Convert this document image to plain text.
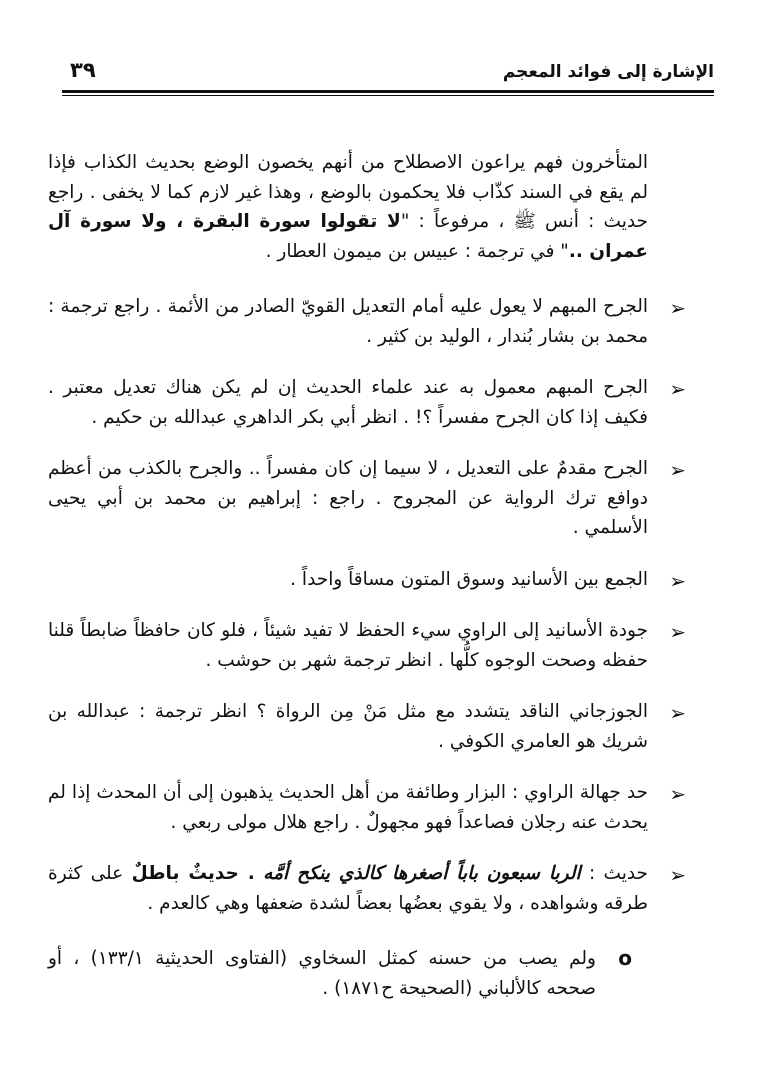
الإشارة إلى فوائد المعجم
٣٩

المتأخرون فهم يراعون الاصطلاح من أنهم يخصون الوضع بحديث الكذاب فإذا لم يقع في السند كذّاب فلا يحكمون بالوضع ، وهذا غير لازم كما لا يخفى . راجع حديث : أنس ﷺ ، مرفوعاً : "لا تقولوا سورة البقرة ، ولا سورة آل عمران .." في ترجمة : عبيس بن ميمون العطار .

➢

الجرح المبهم لا يعول عليه أمام التعديل القويّ الصادر من الأئمة . راجع ترجمة : محمد بن بشار بُندار ، الوليد بن كثير .

➢

الجرح المبهم معمول به عند علماء الحديث إن لم يكن هناك تعديل معتبر . فكيف إذا كان الجرح مفسراً ؟! . انظر أبي بكر الداهري عبدالله بن حكيم .

➢

الجرح مقدمٌ على التعديل ، لا سيما إن كان مفسراً .. والجرح بالكذب من أعظم دوافع ترك الرواية عن المجروح . راجع : إبراهيم بن محمد بن أبي يحيى الأسلمي .

➢

الجمع بين الأسانيد وسوق المتون مساقاً واحداً .

➢

جودة الأسانيد إلى الراوي سيء الحفظ لا تفيد شيئاً ، فلو كان حافظاً ضابطاً قلنا حفظه وصحت الوجوه كلُّها . انظر ترجمة شهر بن حوشب .

➢

الجوزجاني الناقد يتشدد مع مثل مَنْ مِن الرواة ؟ انظر ترجمة : عبدالله بن شريك هو العامري الكوفي .

➢

حد جهالة الراوي : البزار وطائفة من أهل الحديث يذهبون إلى أن المحدث إذا لم يحدث عنه رجلان فصاعداً فهو مجهولٌ . راجع هلال مولى ربعي .

➢

حديث : الربا سبعون باباً أصغرها كالذي ينكح أمَّه . حديثٌ باطلٌ على كثرة طرقه وشواهده ، ولا يقوي بعضُها بعضاً لشدة ضعفها وهي كالعدم .

o

ولم يصب من حسنه كمثل السخاوي (الفتاوى الحديثية ١٣٣/١) ، أو صححه كالألباني (الصحيحة ح١٨٧١) .
